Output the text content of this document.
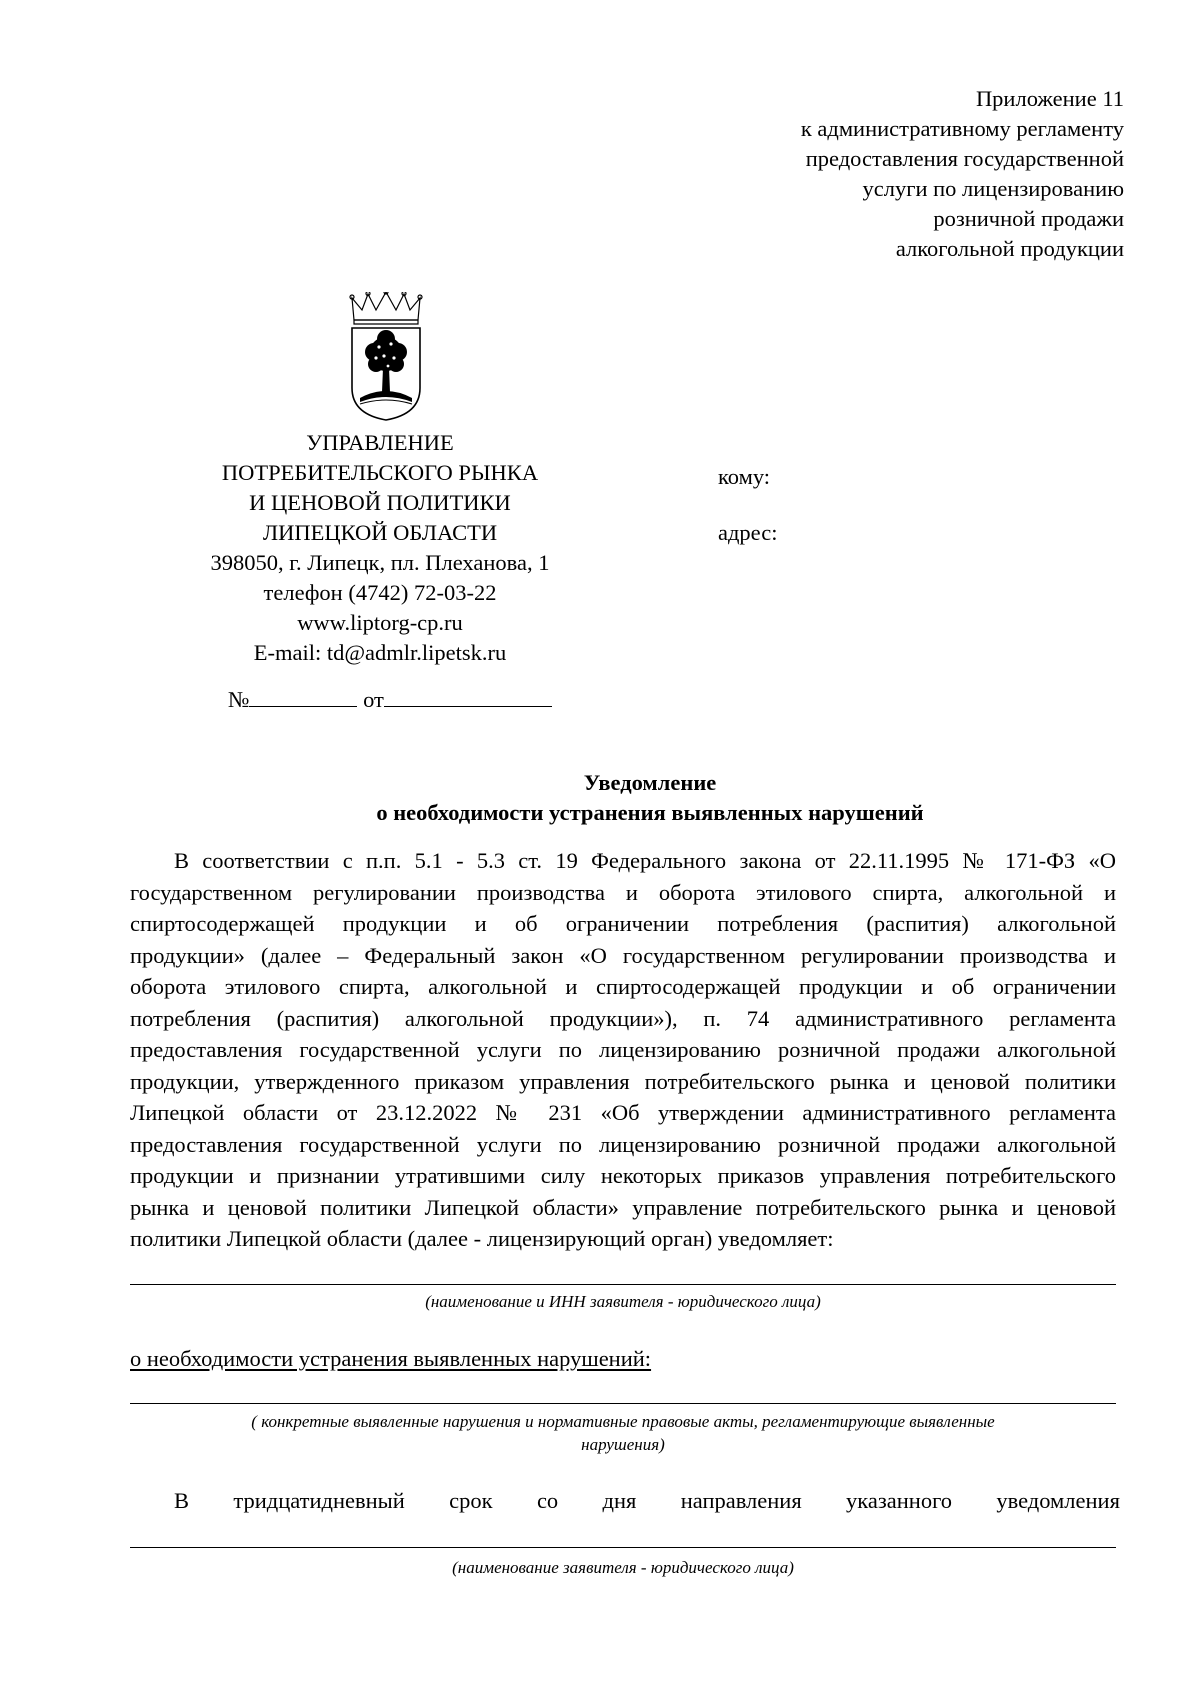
Приложение 11
к административному регламенту
предоставления государственной
услуги по лицензированию
розничной продажи
алкогольной продукции
УПРАВЛЕНИЕ
ПОТРЕБИТЕЛЬСКОГО РЫНКА
И ЦЕНОВОЙ ПОЛИТИКИ
ЛИПЕЦКОЙ ОБЛАСТИ
398050, г. Липецк, пл. Плеханова, 1
телефон (4742) 72-03-22
www.liptorg-cp.ru
E-mail: td@admlr.lipetsk.ru
кому:
адрес:
№	от
Уведомление
о необходимости устранения выявленных нарушений
В соответствии с п.п. 5.1 - 5.3 ст. 19 Федерального закона от 22.11.1995 № 171-ФЗ «О
государственном регулировании производства и оборота этилового спирта, алкогольной и
спиртосодержащей продукции и об ограничении потребления (распития) алкогольной
продукции» (далее – Федеральный закон «О государственном регулировании производства и
оборота этилового спирта, алкогольной и спиртосодержащей продукции и об ограничении
потребления (распития) алкогольной продукции»), п. 74 административного регламента
предоставления государственной услуги по лицензированию розничной продажи алкогольной
продукции, утвержденного приказом управления потребительского рынка и ценовой политики
Липецкой области от 23.12.2022 № 231 «Об утверждении административного регламента
предоставления государственной услуги по лицензированию розничной продажи алкогольной
продукции и признании утратившими силу некоторых приказов управления потребительского
рынка и ценовой политики Липецкой области» управление потребительского рынка и ценовой
политики Липецкой области (далее - лицензирующий орган) уведомляет:
(наименование и ИНН заявителя - юридического лица)
о необходимости устранения выявленных нарушений:
( конкретные выявленные нарушения и нормативные правовые акты, регламентирующие выявленные
нарушения)
В тридцатидневный срок со дня направления указанного уведомления
(наименование заявителя - юридического лица)
